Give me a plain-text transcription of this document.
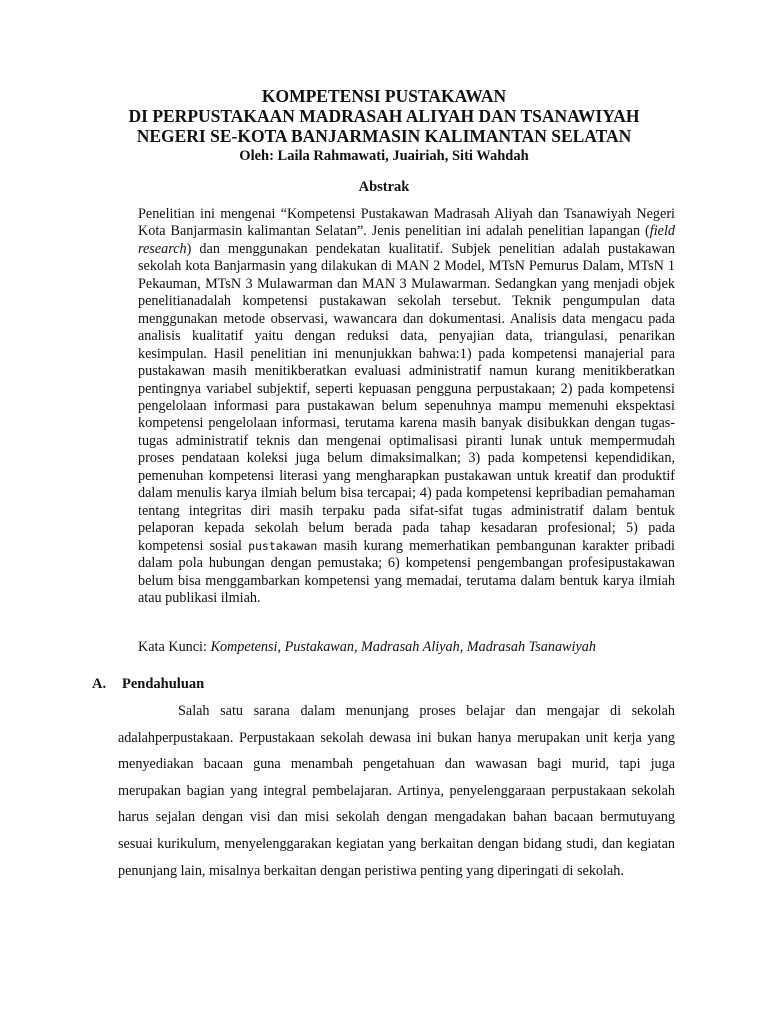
KOMPETENSI PUSTAKAWAN
DI PERPUSTAKAAN MADRASAH ALIYAH DAN TSANAWIYAH
NEGERI SE-KOTA BANJARMASIN KALIMANTAN SELATAN
Oleh: Laila Rahmawati, Juairiah, Siti Wahdah
Abstrak

Penelitian ini mengenai “Kompetensi Pustakawan Madrasah Aliyah dan Tsanawiyah Negeri Kota Banjarmasin kalimantan Selatan”. Jenis penelitian ini adalah penelitian lapangan (field research) dan menggunakan pendekatan kualitatif. Subjek penelitian adalah pustakawan sekolah kota Banjarmasin yang dilakukan di MAN 2 Model, MTsN Pemurus Dalam, MTsN 1 Pekauman, MTsN 3 Mulawarman dan MAN 3 Mulawarman. Sedangkan yang menjadi objek penelitianadalah kompetensi pustakawan sekolah tersebut. Teknik pengumpulan data menggunakan metode observasi, wawancara dan dokumentasi. Analisis data mengacu pada analisis kualitatif yaitu dengan reduksi data, penyajian data, triangulasi, penarikan kesimpulan. Hasil penelitian ini menunjukkan bahwa:1) pada kompetensi manajerial para pustakawan masih menitikberatkan evaluasi administratif namun kurang menitikberatkan pentingnya variabel subjektif, seperti kepuasan pengguna perpustakaan; 2) pada kompetensi pengelolaan informasi para pustakawan belum sepenuhnya mampu memenuhi ekspektasi kompetensi pengelolaan informasi, terutama karena masih banyak disibukkan dengan tugas-tugas administratif teknis dan mengenai optimalisasi piranti lunak untuk mempermudah proses pendataan koleksi juga belum dimaksimalkan; 3) pada kompetensi kependidikan, pemenuhan kompetensi literasi yang mengharapkan pustakawan untuk kreatif dan produktif dalam menulis karya ilmiah belum bisa tercapai; 4) pada kompetensi kepribadian pemahaman tentang integritas diri masih terpaku pada sifat-sifat tugas administratif dalam bentuk pelaporan kepada sekolah belum berada pada tahap kesadaran profesional; 5) pada kompetensi sosial pustakawan masih kurang memerhatikan pembangunan karakter pribadi dalam pola hubungan dengan pemustaka; 6) kompetensi pengembangan profesipustakawan belum bisa menggambarkan kompetensi yang memadai, terutama dalam bentuk karya ilmiah atau publikasi ilmiah.

Kata Kunci: Kompetensi, Pustakawan, Madrasah Aliyah, Madrasah Tsanawiyah
A. Pendahuluan

Salah satu sarana dalam menunjang proses belajar dan mengajar di sekolah adalahperpustakaan. Perpustakaan sekolah dewasa ini bukan hanya merupakan unit kerja yang menyediakan bacaan guna menambah pengetahuan dan wawasan bagi murid, tapi juga merupakan bagian yang integral pembelajaran. Artinya, penyelenggaraan perpustakaan sekolah harus sejalan dengan visi dan misi sekolah dengan mengadakan bahan bacaan bermutuyang sesuai kurikulum, menyelenggarakan kegiatan yang berkaitan dengan bidang studi, dan kegiatan penunjang lain, misalnya berkaitan dengan peristiwa penting yang diperingati di sekolah.
